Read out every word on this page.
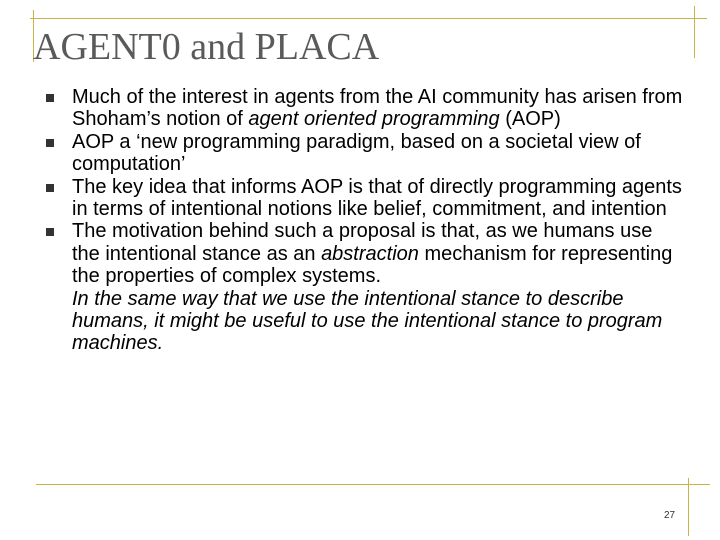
AGENT0 and PLACA
Much of the interest in agents from the AI community has arisen from Shoham’s notion of agent oriented programming (AOP)
AOP a ‘new programming paradigm, based on a societal view of computation’
The key idea that informs AOP is that of directly programming agents in terms of intentional notions like belief, commitment, and intention
The motivation behind such a proposal is that, as we humans use the intentional stance as an abstraction mechanism for representing the properties of complex systems.
In the same way that we use the intentional stance to describe humans, it might be useful to use the intentional stance to program machines.
27
